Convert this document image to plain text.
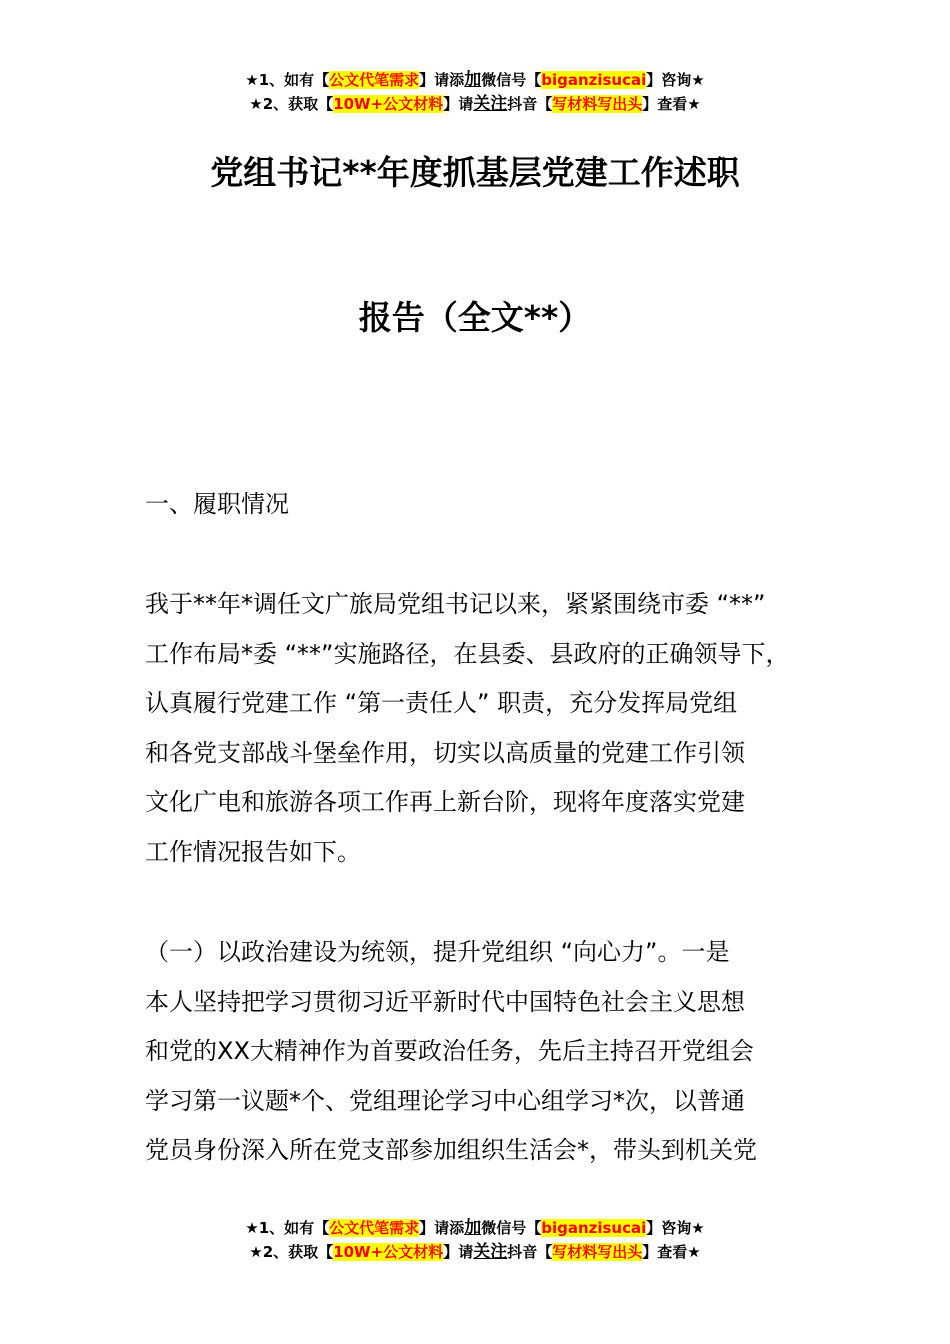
★1、如有【公文代笔需求】请添加微信号【biganzisucai】咨询★
★2、获取【10W+公文材料】请关注抖音【写材料写出头】查看★
党组书记**年度抓基层党建工作述职
报告（全文**）
一、履职情况
我于**年*调任文广旅局党组书记以来，紧紧围绕市委 “**”
工作布局*委 “**”实施路径，在县委、县政府的正确领导下，
认真履行党建工作 “第一责任人” 职责，充分发挥局党组
和各党支部战斗堡垒作用，切实以高质量的党建工作引领
文化广电和旅游各项工作再上新台阶，现将年度落实党建
工作情况报告如下。
（一）以政治建设为统领，提升党组织 “向心力”。一是
本人坚持把学习贯彻习近平新时代中国特色社会主义思想
和党的XX大精神作为首要政治任务，先后主持召开党组会
学习第一议题*个、党组理论学习中心组学习*次，以普通
党员身份深入所在党支部参加组织生活会*，带头到机关党
★1、如有【公文代笔需求】请添加微信号【biganzisucai】咨询★
★2、获取【10W+公文材料】请关注抖音【写材料写出头】查看★
